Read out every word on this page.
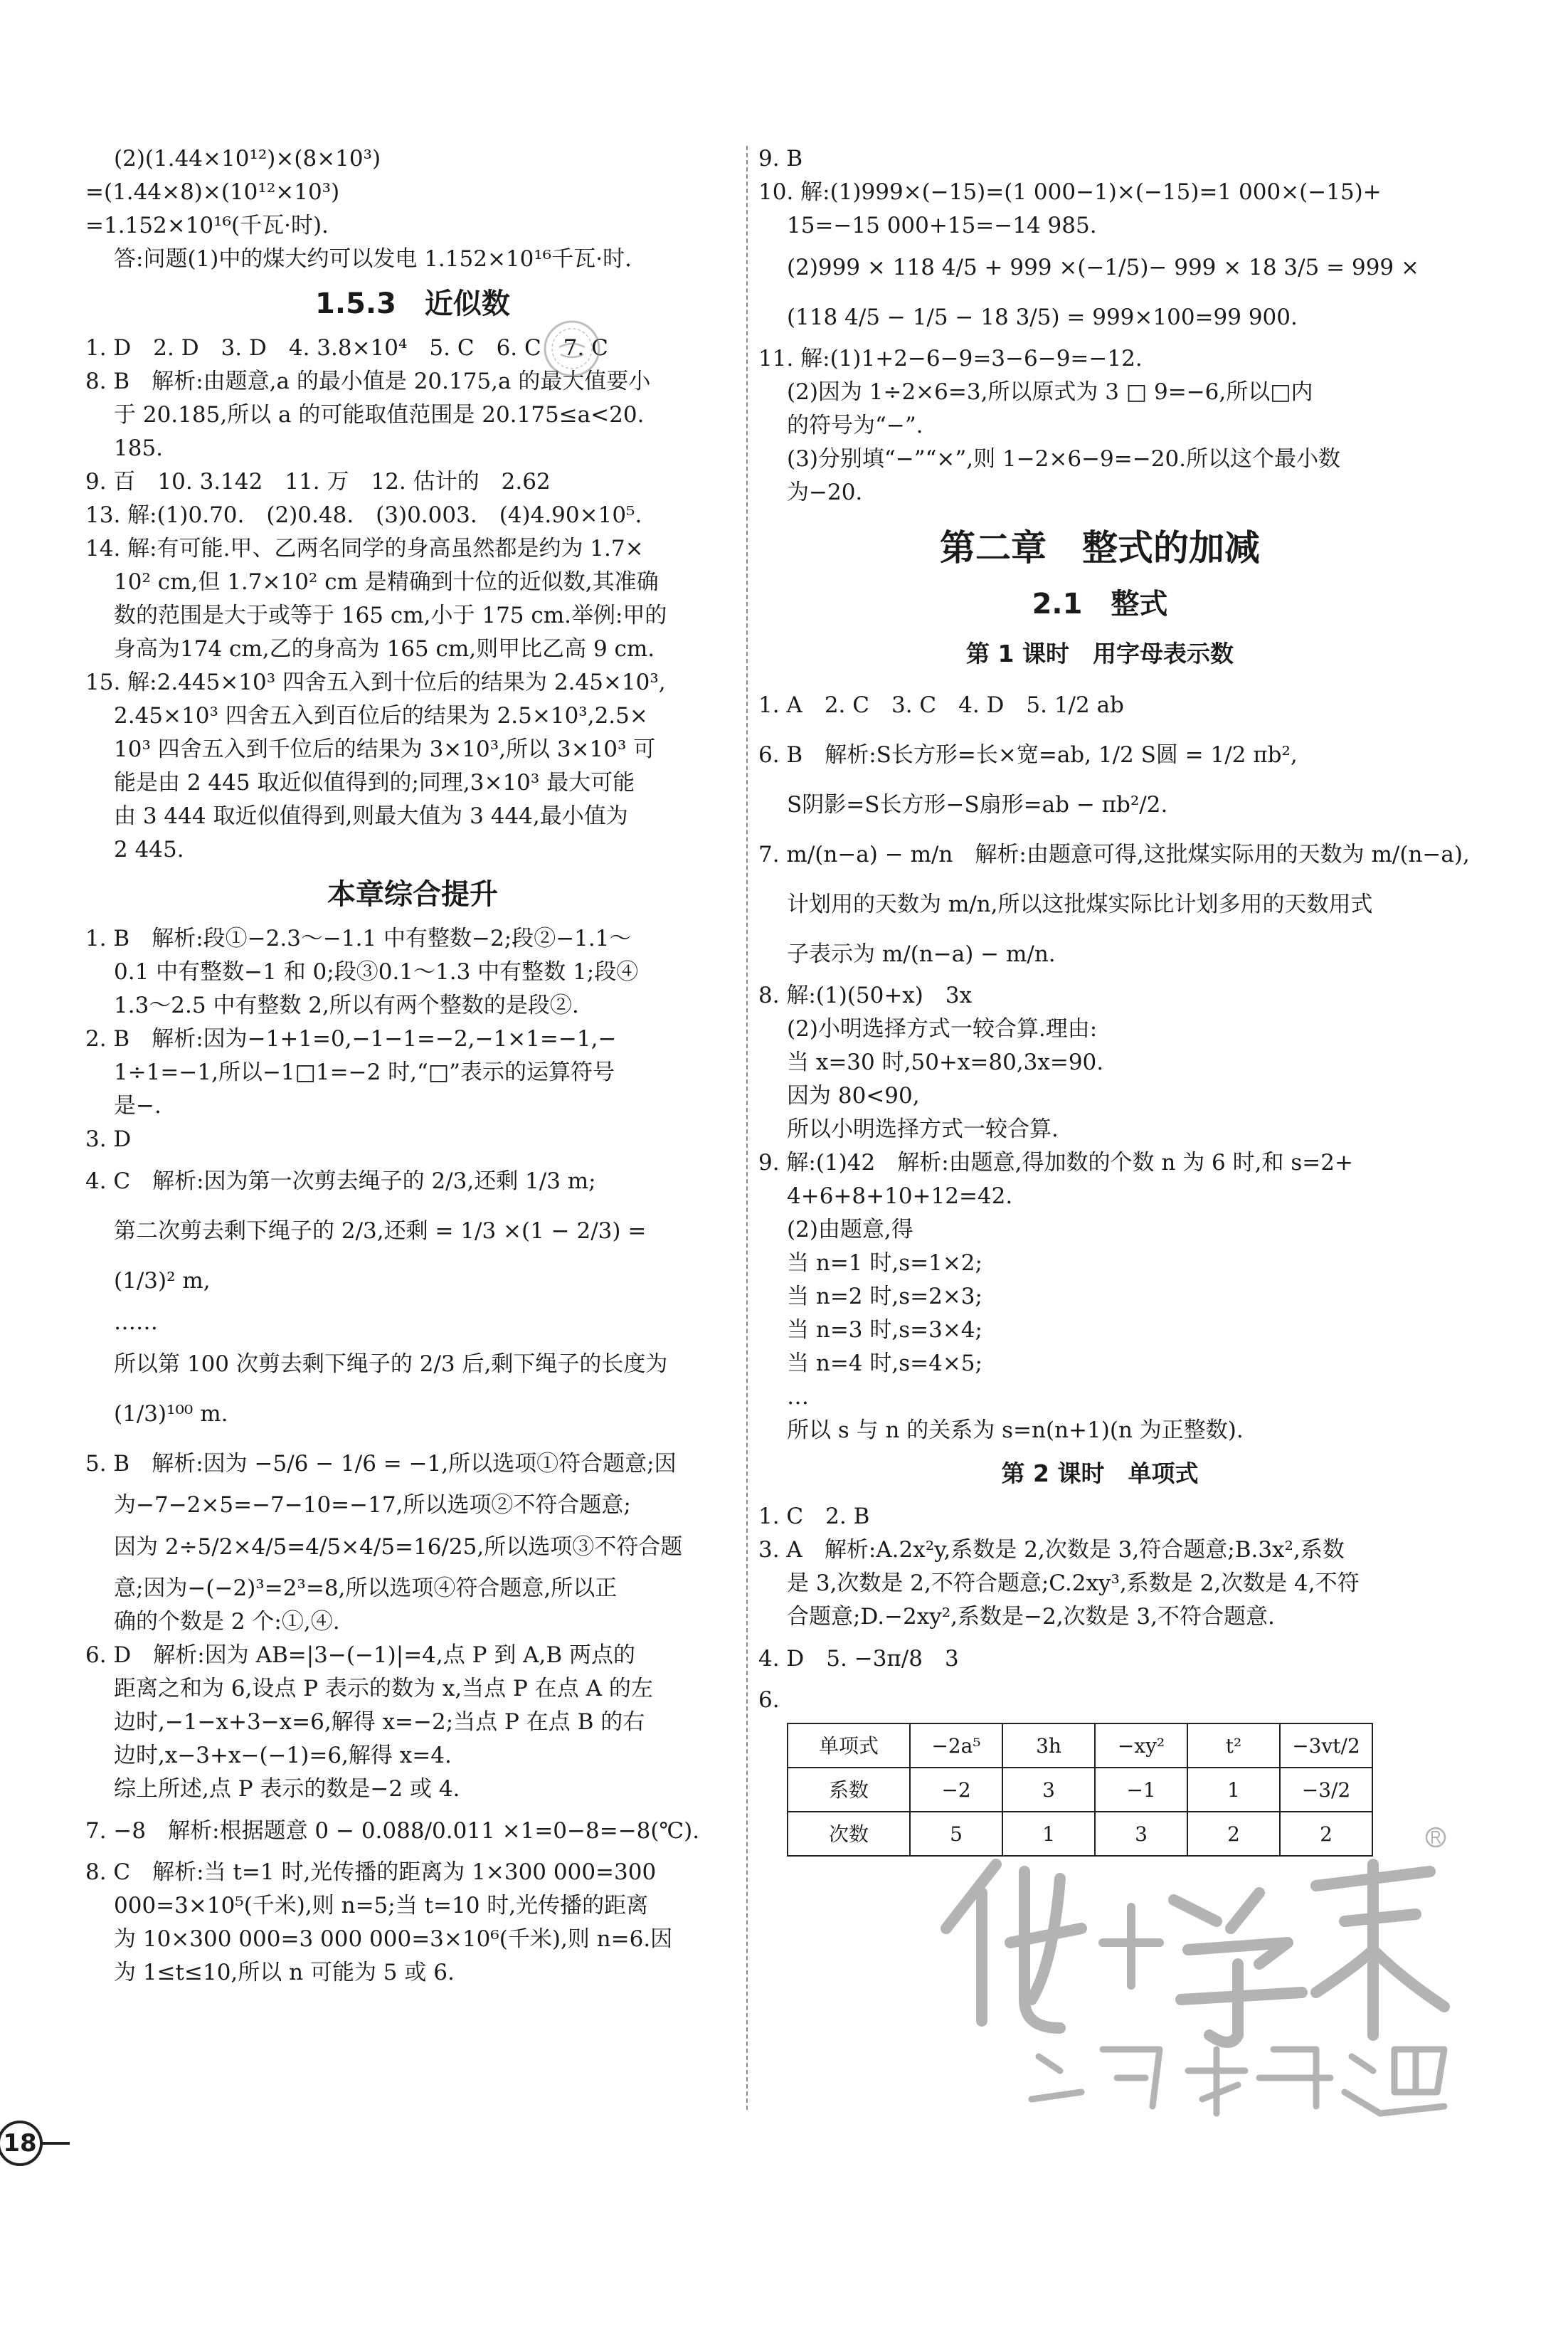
(2)(1.44×10¹²)×(8×10³)
=(1.44×8)×(10¹²×10³)
=1.152×10¹⁶(千瓦·时).
答:问题(1)中的煤大约可以发电 1.152×10¹⁶千瓦·时.
1.5.3　近似数
1. D　2. D　3. D　4. 3.8×10⁴　5. C　6. C　7. C
8. B　解析:由题意,a 的最小值是 20.175,a 的最大值要小
于 20.185,所以 a 的可能取值范围是 20.175≤a<20.
185.
9. 百　10. 3.142　11. 万　12. 估计的　2.62
13. 解:(1)0.70.　(2)0.48.　(3)0.003.　(4)4.90×10⁵.
14. 解:有可能.甲、乙两名同学的身高虽然都是约为 1.7×
10² cm,但 1.7×10² cm 是精确到十位的近似数,其准确
数的范围是大于或等于 165 cm,小于 175 cm.举例:甲的
身高为174 cm,乙的身高为 165 cm,则甲比乙高 9 cm.
15. 解:2.445×10³ 四舍五入到十位后的结果为 2.45×10³,
2.45×10³ 四舍五入到百位后的结果为 2.5×10³,2.5×
10³ 四舍五入到千位后的结果为 3×10³,所以 3×10³ 可
能是由 2 445 取近似值得到的;同理,3×10³ 最大可能
由 3 444 取近似值得到,则最大值为 3 444,最小值为
2 445.
本章综合提升
1. B　解析:段①−2.3～−1.1 中有整数−2;段②−1.1～
0.1 中有整数−1 和 0;段③0.1～1.3 中有整数 1;段④
1.3～2.5 中有整数 2,所以有两个整数的是段②.
2. B　解析:因为−1+1=0,−1−1=−2,−1×1=−1,−
1÷1=−1,所以−1□1=−2 时,“□”表示的运算符号
是−.
3. D
4. C　解析:因为第一次剪去绳子的 2/3,还剩 1/3 m;
第二次剪去剩下绳子的 2/3,还剩 = 1/3 ×(1 − 2/3) =
(1/3)² m,
……
所以第 100 次剪去剩下绳子的 2/3 后,剩下绳子的长度为
(1/3)¹⁰⁰ m.
5. B　解析:因为 −5/6 − 1/6 = −1,所以选项①符合题意;因
为−7−2×5=−7−10=−17,所以选项②不符合题意;
因为 2÷5/2×4/5=4/5×4/5=16/25,所以选项③不符合题
意;因为−(−2)³=2³=8,所以选项④符合题意,所以正
确的个数是 2 个:①,④.
6. D　解析:因为 AB=|3−(−1)|=4,点 P 到 A,B 两点的
距离之和为 6,设点 P 表示的数为 x,当点 P 在点 A 的左
边时,−1−x+3−x=6,解得 x=−2;当点 P 在点 B 的右
边时,x−3+x−(−1)=6,解得 x=4.
综上所述,点 P 表示的数是−2 或 4.
7. −8　解析:根据题意 0 − 0.088/0.011 ×1=0−8=−8(℃).
8. C　解析:当 t=1 时,光传播的距离为 1×300 000=300
000=3×10⁵(千米),则 n=5;当 t=10 时,光传播的距离
为 10×300 000=3 000 000=3×10⁶(千米),则 n=6.因
为 1≤t≤10,所以 n 可能为 5 或 6.
9. B
10. 解:(1)999×(−15)=(1 000−1)×(−15)=1 000×(−15)+
15=−15 000+15=−14 985.
(2)999 × 118 4/5 + 999 ×(−1/5)− 999 × 18 3/5 = 999 ×
(118 4/5 − 1/5 − 18 3/5) = 999×100=99 900.
11. 解:(1)1+2−6−9=3−6−9=−12.
(2)因为 1÷2×6=3,所以原式为 3 □ 9=−6,所以□内
的符号为“−”.
(3)分别填“−”“×”,则 1−2×6−9=−20.所以这个最小数
为−20.
第二章　整式的加减
2.1　整式
第 1 课时　用字母表示数
1. A　2. C　3. C　4. D　5. 1/2 ab
6. B　解析:S长方形=长×宽=ab, 1/2 S圆 = 1/2 πb²,
S阴影=S长方形−S扇形=ab − πb²/2.
7. m/(n−a) − m/n　解析:由题意可得,这批煤实际用的天数为 m/(n−a),
计划用的天数为 m/n,所以这批煤实际比计划多用的天数用式
子表示为 m/(n−a) − m/n.
8. 解:(1)(50+x)　3x
(2)小明选择方式一较合算.理由:
当 x=30 时,50+x=80,3x=90.
因为 80<90,
所以小明选择方式一较合算.
9. 解:(1)42　解析:由题意,得加数的个数 n 为 6 时,和 s=2+
4+6+8+10+12=42.
(2)由题意,得
当 n=1 时,s=1×2;
当 n=2 时,s=2×3;
当 n=3 时,s=3×4;
当 n=4 时,s=4×5;
…
所以 s 与 n 的关系为 s=n(n+1)(n 为正整数).
第 2 课时　单项式
1. C　2. B
3. A　解析:A.2x²y,系数是 2,次数是 3,符合题意;B.3x²,系数
是 3,次数是 2,不符合题意;C.2xy³,系数是 2,次数是 4,不符
合题意;D.−2xy²,系数是−2,次数是 3,不符合题意.
4. D　5. −3π/8　3
6.
单项式	−2a⁵	3h	−xy²	t²	−3vt/2
系数	−2	3	−1	1	−3/2
次数	5	1	3	2	2
18
